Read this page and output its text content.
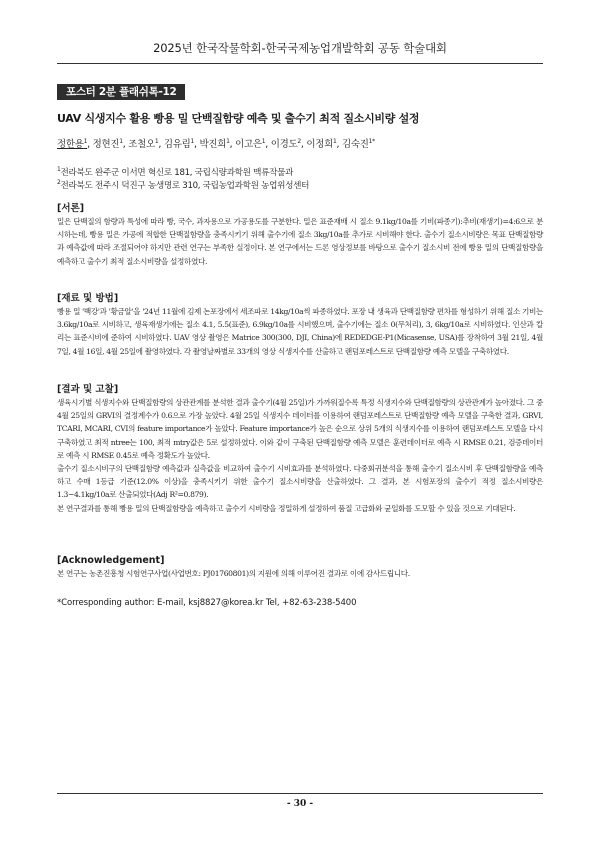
2025년 한국작물학회-한국국제농업개발학회 공동 학술대회
포스터 2분 플래쉬톡-12
UAV 식생지수 활용 빵용 밀 단백질함량 예측 및 출수기 최적 질소시비량 설정
정한용$^1$, 정현진$^1$, 조철오$^1$, 김유림$^1$, 박진희$^1$, 이고은$^1$, 이경도$^2$, 이정희$^1$, 김숙진$^{1*}$
$^1$전라북도 완주군 이서면 혁신로 181, 국립식량과학원 맥류작물과
$^2$전라북도 전주시 덕진구 농생명로 310, 국립농업과학원 농업위성센터
[서론]

밀은 단백질의 함량과 특성에 따라 빵, 국수, 과자용으로 가공용도를 구분한다. 밀은 표준재배 시 질소 9.1kg/10a를 기비(파종기):추비(재생기)=4:6으로 분시하는데, 빵용 밀은 가공에 적합한 단백질함량을 충족시키기 위해 출수기에 질소 3kg/10a를 추가로 시비해야 한다. 출수기 질소시비량은 목표 단백질함량과 예측값에 따라 조절되어야 하지만 관련 연구는 부족한 실정이다. 본 연구에서는 드론 영상정보를 바탕으로 출수기 질소시비 전에 빵용 밀의 단백질함량을 예측하고 출수기 최적 질소시비량을 설정하였다.

[재료 및 방법]

빵용 밀 '백강'과 '황금알'을 '24년 11월에 김제 논포장에서 세조파로 14kg/10a씩 파종하였다. 포장 내 생육과 단백질함량 편차를 형성하기 위해 질소 기비는 3.6kg/10a로 시비하고, 생육재생기에는 질소 4.1, 5.5(표준), 6.9kg/10a를 시비했으며, 출수기에는 질소 0(무처리), 3, 6kg/10a로 시비하였다. 인산과 칼리는 표준시비에 준하여 시비하였다. UAV 영상 촬영은 Matrice 300(300, DJI, China)에 REDEDGE-P1(Micasense, USA)를 장착하여 3월 21일, 4월 7일, 4월 16일, 4월 25일에 촬영하였다. 각 촬영날짜별로 33개의 영상 식생지수를 산출하고 랜덤포레스트로 단백질함량 예측 모델을 구축하였다.

[결과 및 고찰]

생육시기별 식생지수와 단백질함량의 상관관계를 분석한 결과 출수기(4월 25일)가 가까워질수록 특정 식생지수와 단백질함량의 상관관계가 높아졌다. 그 중 4월 25일의 GRVI의 결정계수가 0.6으로 가장 높았다. 4월 25일 식생지수 데이터를 이용하여 랜덤포레스트로 단백질함량 예측 모델을 구축한 결과, GRVI, TCARI, MCARI, CVI의 feature importance가 높았다. Feature importance가 높은 순으로 상위 5개의 식생지수를 이용하여 랜덤포레스트 모델을 다시 구축하였고 최적 ntree는 100, 최적 mtry값은 5로 설정하였다. 이와 같이 구축된 단백질함량 예측 모델은 훈련데이터로 예측 시 RMSE 0.21, 검증데이터로 예측 시 RMSE 0.45로 예측 정확도가 높았다.

출수기 질소시비구의 단백질함량 예측값과 실측값을 비교하여 출수기 시비효과를 분석하였다. 다중회귀분석을 통해 출수기 질소시비 후 단백질함량을 예측하고 수매 1등급 기준(12.0% 이상)을 충족시키기 위한 출수기 질소시비량을 산출하였다. 그 결과, 본 시험포장의 출수기 적정 질소시비량은 1.3~4.1kg/10a로 산출되었다(Adj R²=0.879).

본 연구결과를 통해 빵용 밀의 단백질함량을 예측하고 출수기 시비량을 정밀하게 설정하여 품질 고급화와 균일화를 도모할 수 있을 것으로 기대된다.

[Acknowledgement]

본 연구는 농촌진흥청 시험연구사업(사업번호: PJ01760801)의 지원에 의해 이루어진 결과로 이에 감사드립니다.

*Corresponding author: E-mail, ksj8827@korea.kr Tel, +82-63-238-5400
- 30 -
